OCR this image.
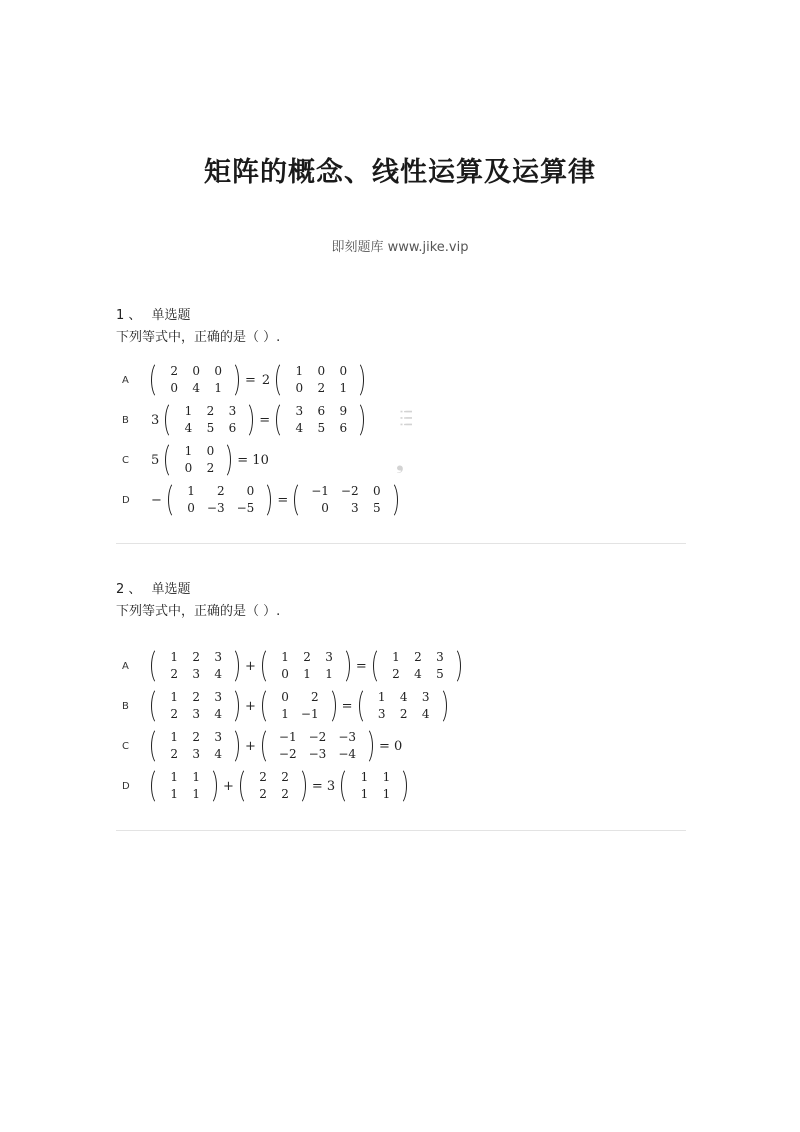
矩阵的概念、线性运算及运算律
即刻题库 www.jike.vip
1 、 单选题
下列等式中，正确的是（ ）.
A
2	0	0
0	4	1
= 2
1	0	0
0	2	1
B	3
1	2	3
4	5	6
=
3	6	9
4	5	6
C	5
1	0
0	2
= 10
D	−
1	2	0
0	−3	−5
=
−1	−2	0
0	3	5
2 、 单选题
下列等式中，正确的是（ ）.
A
1	2	3
2	3	4
+
1	2	3
0	1	1
=
1	2	3
2	4	5
B
1	2	3
2	3	4
+
0	2
1	−1
=
1	4	3
3	2	4
C
1	2	3
2	3	4
+
−1	−2	−3
−2	−3	−4
= 0
D
1	1
1	1
+
2	2
2	2
= 3
1	1
1	1
!!!
❟
